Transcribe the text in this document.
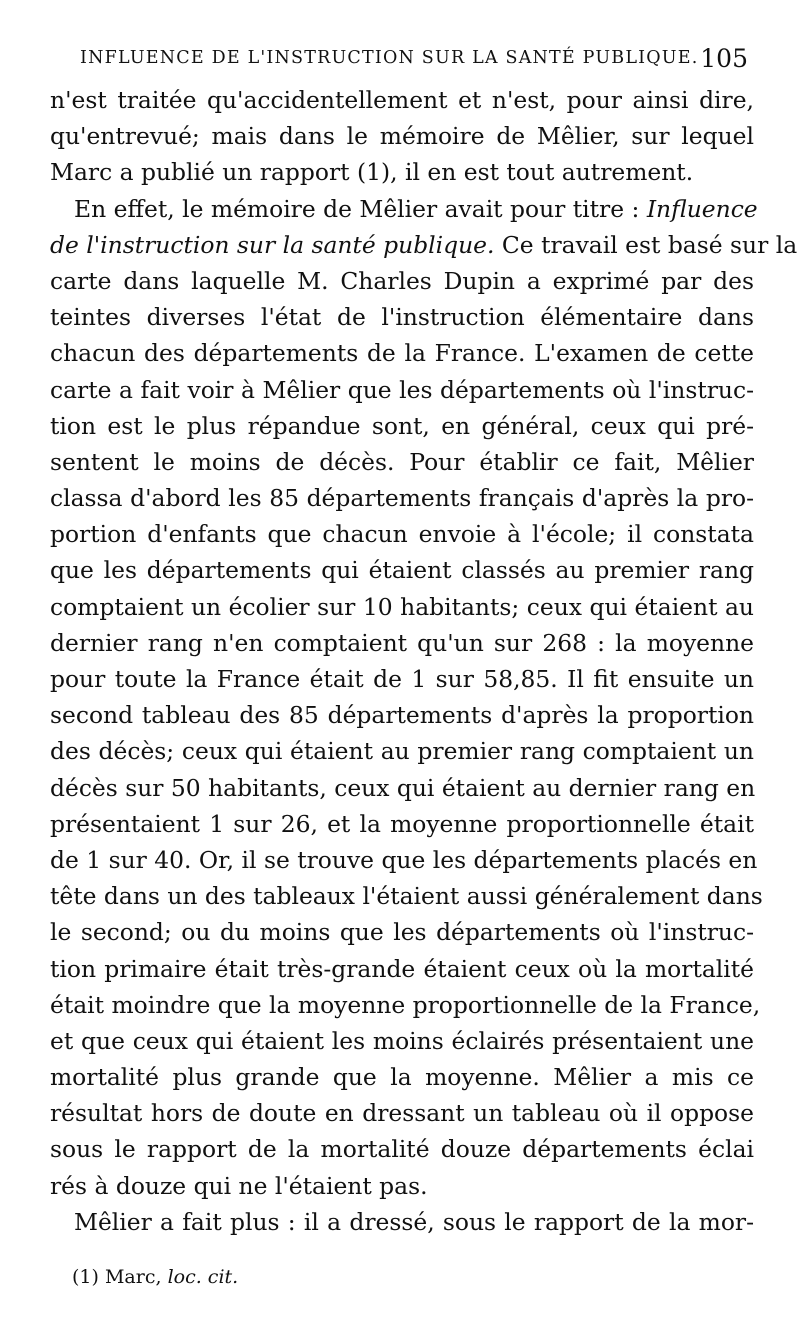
INFLUENCE DE L'INSTRUCTION SUR LA SANTÉ PUBLIQUE. 105
n'est traitée qu'accidentellement et n'est, pour ainsi dire,
qu'entrevué; mais dans le mémoire de Mêlier, sur lequel
Marc a publié un rapport (1), il en est tout autrement.
En effet, le mémoire de Mêlier avait pour titre : Influence
de l'instruction sur la santé publique. Ce travail est basé sur la
carte dans laquelle M. Charles Dupin a exprimé par des
teintes diverses l'état de l'instruction élémentaire dans
chacun des départements de la France. L'examen de cette
carte a fait voir à Mêlier que les départements où l'instruc-
tion est le plus répandue sont, en général, ceux qui pré-
sentent le moins de décès. Pour établir ce fait, Mêlier
classa d'abord les 85 départements français d'après la pro-
portion d'enfants que chacun envoie à l'école; il constata
que les départements qui étaient classés au premier rang
comptaient un écolier sur 10 habitants; ceux qui étaient au
dernier rang n'en comptaient qu'un sur 268 : la moyenne
pour toute la France était de 1 sur 58,85. Il fit ensuite un
second tableau des 85 départements d'après la proportion
des décès; ceux qui étaient au premier rang comptaient un
décès sur 50 habitants, ceux qui étaient au dernier rang en
présentaient 1 sur 26, et la moyenne proportionnelle était
de 1 sur 40. Or, il se trouve que les départements placés en
tête dans un des tableaux l'étaient aussi généralement dans
le second; ou du moins que les départements où l'instruc-
tion primaire était très-grande étaient ceux où la mortalité
était moindre que la moyenne proportionnelle de la France,
et que ceux qui étaient les moins éclairés présentaient une
mortalité plus grande que la moyenne. Mêlier a mis ce
résultat hors de doute en dressant un tableau où il oppose
sous le rapport de la mortalité douze départements éclai
rés à douze qui ne l'étaient pas.
Mêlier a fait plus : il a dressé, sous le rapport de la mor-
(1) Marc, loc. cit.
